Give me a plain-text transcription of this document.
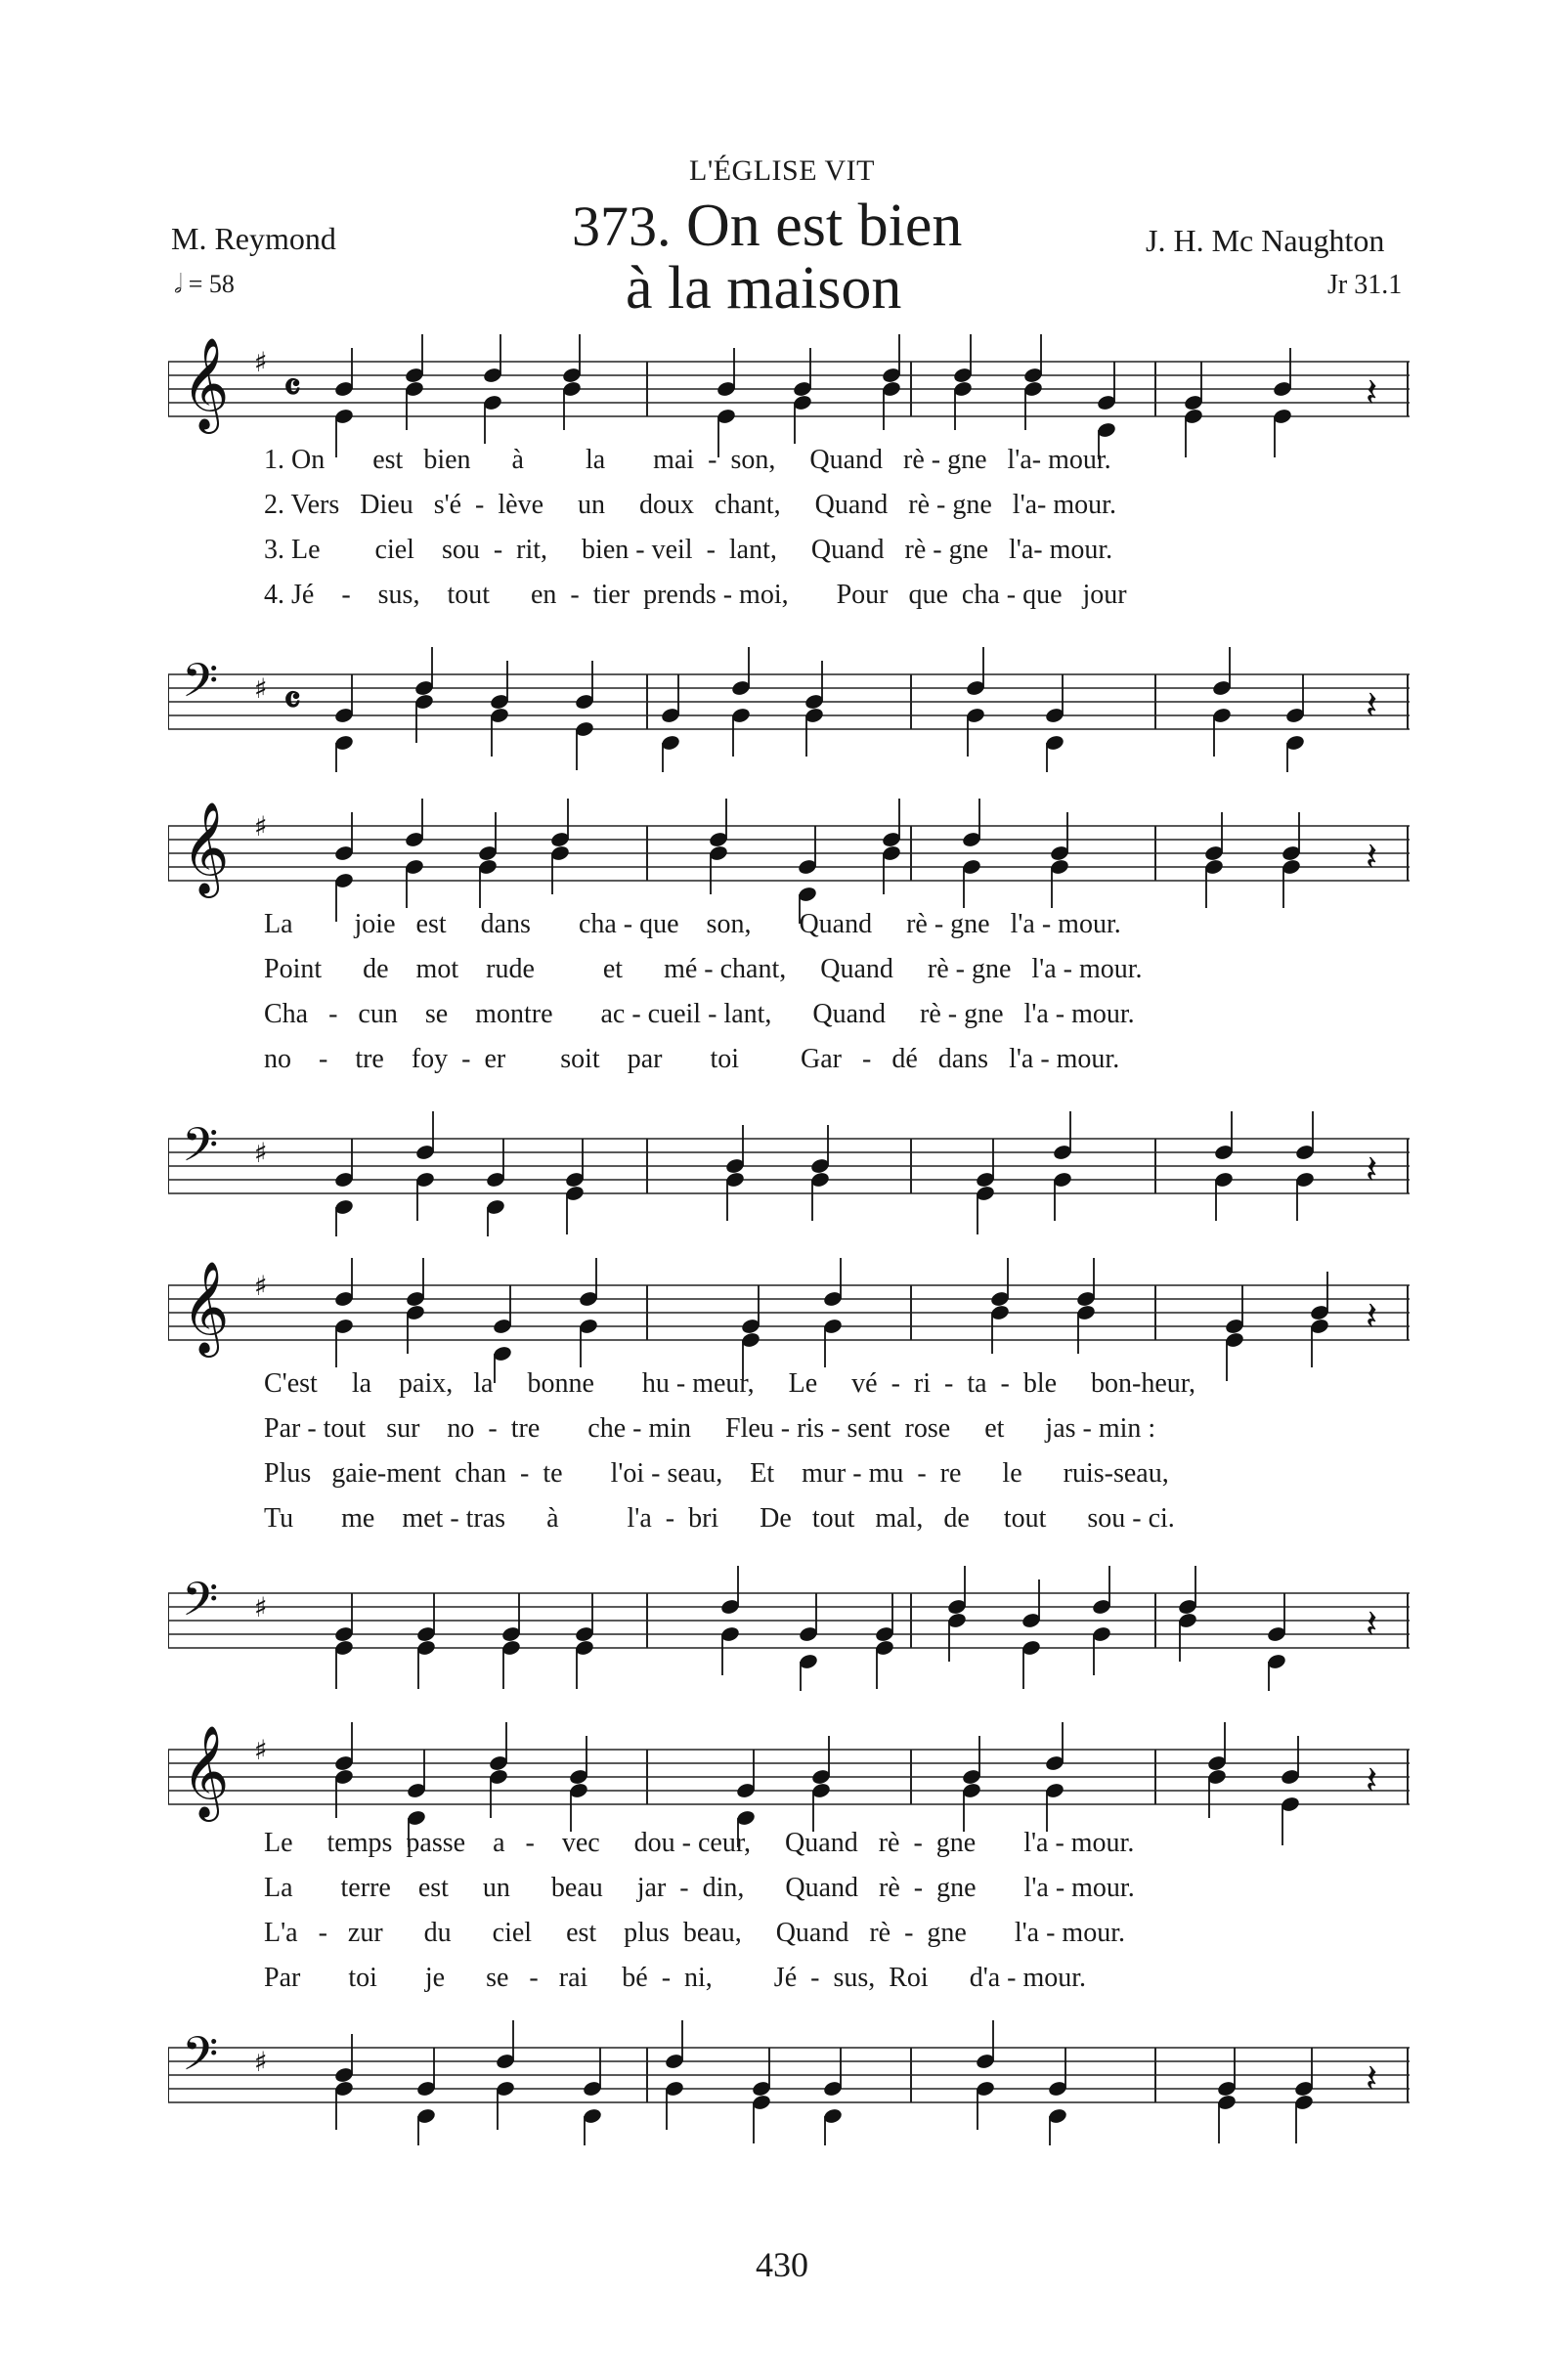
L'ÉGLISE VIT
373. On est bien
à la maison
M. Reymond	J. H. Mc Naughton
𝅗𝅥 = 58	Jr 31.1
𝄞 ♯
𝄴	𝄽
1. On       est   bien      à         la       mai  -  son,     Quand   rè - gne   l'a- mour.
2. Vers   Dieu   s'é  -  lève     un     doux   chant,     Quand   rè - gne   l'a- mour.
3. Le        ciel    sou  -  rit,     bien - veil  -  lant,     Quand   rè - gne   l'a- mour.
4. Jé    -    sus,    tout      en  -  tier  prends - moi,       Pour   que  cha - que   jour
𝄢 ♯ 𝄴	𝄽
𝄞 ♯
𝄽
La         joie   est     dans       cha - que    son,       Quand     rè - gne   l'a - mour.
Point      de    mot    rude          et      mé - chant,     Quand     rè - gne   l'a - mour.
Cha   -   cun    se    montre       ac - cueil - lant,      Quand     rè - gne   l'a - mour.
no    -    tre    foy  -  er        soit    par       toi         Gar   -   dé   dans   l'a - mour.
𝄢 ♯	𝄽
𝄞 ♯
𝄽
C'est     la    paix,   la     bonne       hu - meur,     Le     vé  -  ri  -  ta  -  ble     bon-heur,
Par - tout   sur    no  -  tre       che - min     Fleu - ris - sent  rose     et      jas - min :
Plus   gaie-ment  chan  -  te       l'oi - seau,    Et    mur - mu  -  re      le      ruis-seau,
Tu       me    met - tras      à          l'a  -  bri      De   tout   mal,   de     tout      sou - ci.
𝄢 ♯	𝄽
𝄞 ♯
𝄽
Le     temps  passe    a   -    vec     dou - ceur,     Quand   rè  -  gne       l'a - mour.
La       terre    est     un      beau     jar  -  din,      Quand   rè  -  gne       l'a - mour.
L'a   -   zur      du      ciel     est    plus  beau,     Quand   rè  -  gne       l'a - mour.
Par       toi       je      se   -   rai     bé  -  ni,         Jé  -  sus,  Roi      d'a - mour.
𝄢 ♯	𝄽
430
